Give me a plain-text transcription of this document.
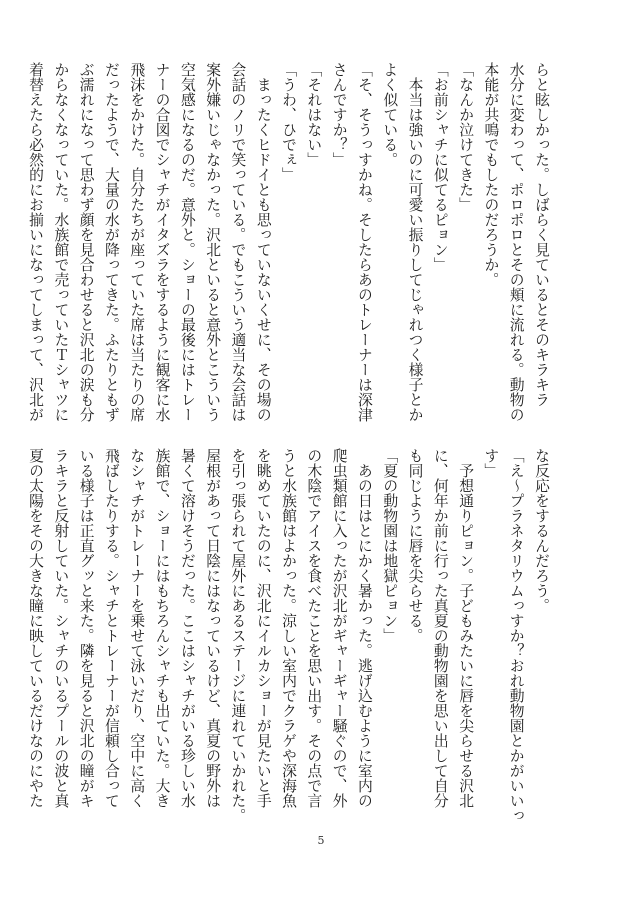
らと眩しかった。しばらく見ているとそのキラキラ
水分に変わって、ポロポロとその頬に流れる。動物の
本能が共鳴でもしたのだろうか。
「なんか泣けてきた」
「お前シャチに似てるピョン」
　本当は強いのに可愛い振りしてじゃれつく様子とか
よく似ている。
「そ、そうっすかね。そしたらあのトレーナーは深津
さんですか？」
「それはない」
「うわ、ひでぇ」
　まったくヒドイとも思っていないくせに、その場の
会話のノリで笑っている。でもこういう適当な会話は
案外嫌いじゃなかった。沢北といると意外とこういう
空気感になるのだ。意外と。ショーの最後にはトレー
ナーの合図でシャチがイタズラをするように観客に水
飛沫をかけた。自分たちが座っていた席は当たりの席
だったようで、大量の水が降ってきた。ふたりともず
ぶ濡れになって思わず顔を見合わせると沢北の涙も分
からなくなっていた。水族館で売っていたＴシャツに
着替えたら必然的にお揃いになってしまって、沢北が
な反応をするんだろう。
「え～プラネタリウムっすか？おれ動物園とかがいいっ
す」
　予想通りピョン。子どもみたいに唇を尖らせる沢北
に、何年か前に行った真夏の動物園を思い出して自分
も同じように唇を尖らせる。
「夏の動物園は地獄ピョン」
　あの日はとにかく暑かった。逃げ込むように室内の
爬虫類館に入ったが沢北がギャーギャー騒ぐので、外
の木陰でアイスを食べたことを思い出す。その点で言
うと水族館はよかった。涼しい室内でクラゲや深海魚
を眺めていたのに、沢北にイルカショーが見たいと手
を引っ張られて屋外にあるステージに連れていかれた。
屋根があって日陰にはなっているけど、真夏の野外は
暑くて溶けそうだった。ここはシャチがいる珍しい水
族館で、ショーにはもちろんシャチも出ていた。大き
なシャチがトレーナーを乗せて泳いだり、空中に高く
飛ばしたりする。シャチとトレーナーが信頼し合って
いる様子は正直グッと来た。隣を見ると沢北の瞳がキ
ラキラと反射していた。シャチのいるプールの波と真
夏の太陽をその大きな瞳に映しているだけなのにやた
5
